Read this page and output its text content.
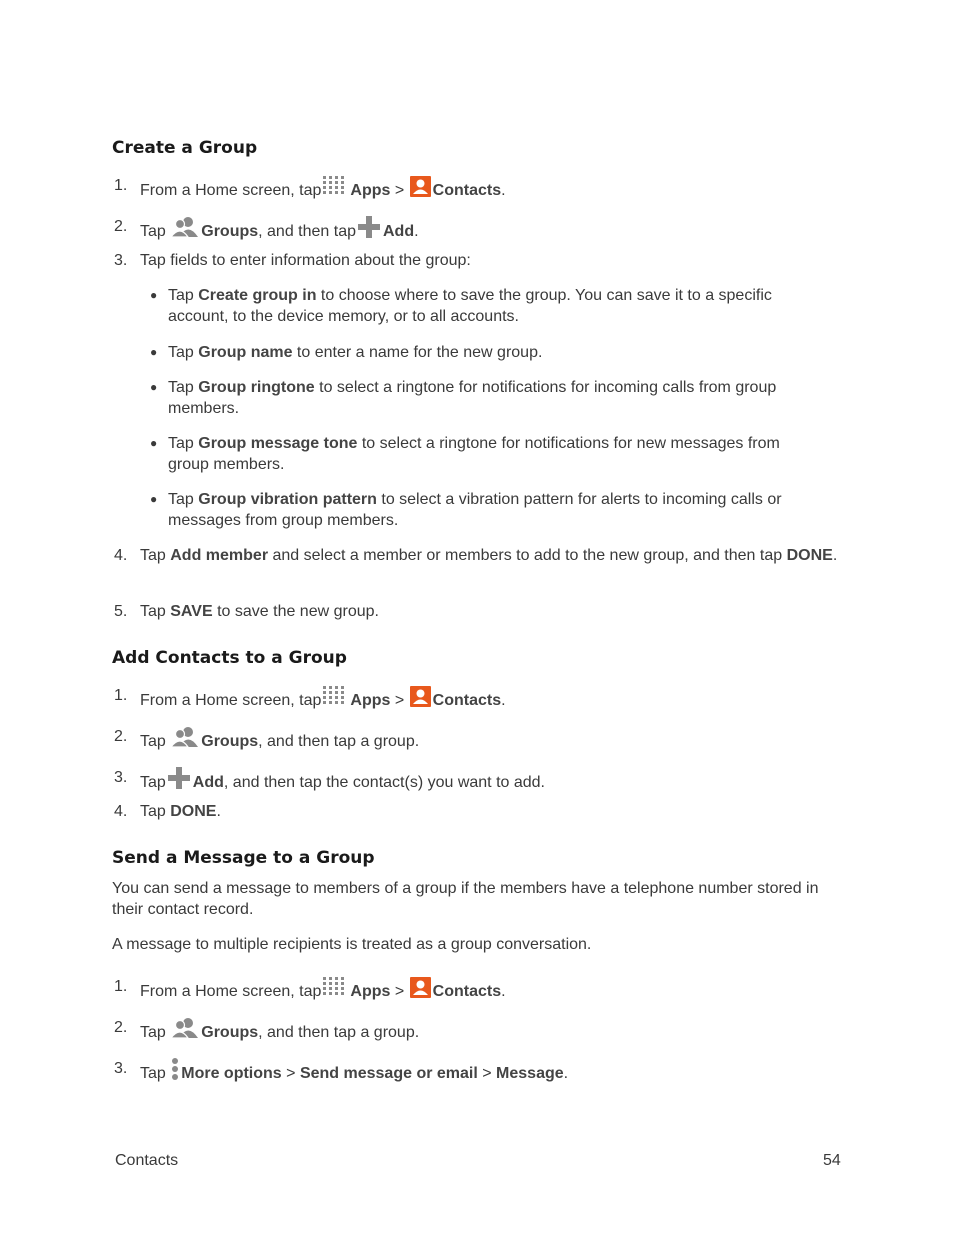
Create a Group
1. From a Home screen, tap Apps > Contacts.
2. Tap Groups, and then tap Add.
3. Tap fields to enter information about the group:
● Tap Create group in to choose where to save the group. You can save it to a specific account, to the device memory, or to all accounts.
● Tap Group name to enter a name for the new group.
● Tap Group ringtone to select a ringtone for notifications for incoming calls from group members.
● Tap Group message tone to select a ringtone for notifications for new messages from group members.
● Tap Group vibration pattern to select a vibration pattern for alerts to incoming calls or messages from group members.
4. Tap Add member and select a member or members to add to the new group, and then tap DONE.
5. Tap SAVE to save the new group.
Add Contacts to a Group
1. From a Home screen, tap Apps > Contacts.
2. Tap Groups, and then tap a group.
3. Tap Add, and then tap the contact(s) you want to add.
4. Tap DONE.
Send a Message to a Group
You can send a message to members of a group if the members have a telephone number stored in their contact record.
A message to multiple recipients is treated as a group conversation.
1. From a Home screen, tap Apps > Contacts.
2. Tap Groups, and then tap a group.
3. Tap More options > Send message or email > Message.
Contacts	54
